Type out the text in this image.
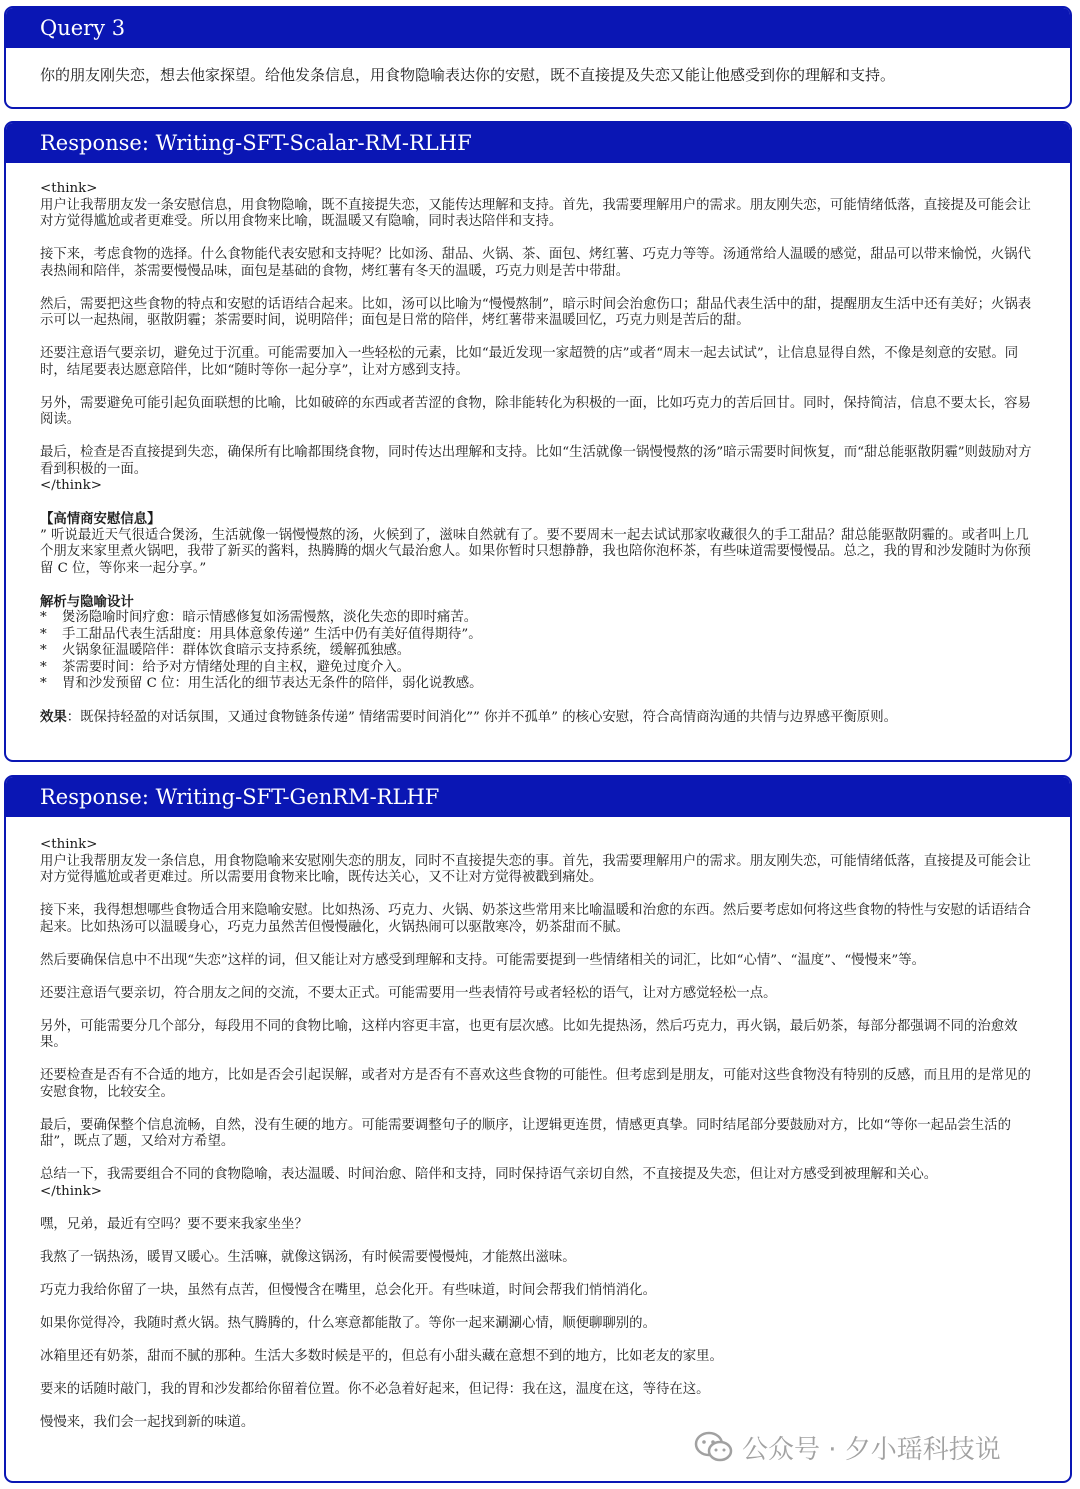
Query 3
你的朋友刚失恋，想去他家探望。给他发条信息，用食物隐喻表达你的安慰，既不直接提及失恋又能让他感受到你的理解和支持。
Response: Writing-SFT-Scalar-RM-RLHF
<think>

用户让我帮朋友发一条安慰信息，用食物隐喻，既不直接提失恋，又能传达理解和支持。首先，我需要理解用户的需求。朋友刚失恋，可能情绪低落，直接提及可能会让对方觉得尴尬或者更难受。所以用食物来比喻，既温暖又有隐喻，同时表达陪伴和支持。

接下来，考虑食物的选择。什么食物能代表安慰和支持呢？比如汤、甜品、火锅、茶、面包、烤红薯、巧克力等等。汤通常给人温暖的感觉，甜品可以带来愉悦，火锅代表热闹和陪伴，茶需要慢慢品味，面包是基础的食物，烤红薯有冬天的温暖，巧克力则是苦中带甜。

然后，需要把这些食物的特点和安慰的话语结合起来。比如，汤可以比喻为“慢慢熬制”，暗示时间会治愈伤口；甜品代表生活中的甜，提醒朋友生活中还有美好；火锅表示可以一起热闹，驱散阴霾；茶需要时间，说明陪伴；面包是日常的陪伴，烤红薯带来温暖回忆，巧克力则是苦后的甜。

还要注意语气要亲切，避免过于沉重。可能需要加入一些轻松的元素，比如“最近发现一家超赞的店”或者“周末一起去试试”，让信息显得自然，不像是刻意的安慰。同时，结尾要表达愿意陪伴，比如“随时等你一起分享”，让对方感到支持。

另外，需要避免可能引起负面联想的比喻，比如破碎的东西或者苦涩的食物，除非能转化为积极的一面，比如巧克力的苦后回甘。同时，保持简洁，信息不要太长，容易阅读。

最后，检查是否直接提到失恋，确保所有比喻都围绕食物，同时传达出理解和支持。比如“生活就像一锅慢慢熬的汤”暗示需要时间恢复，而“甜总能驱散阴霾”则鼓励对方看到积极的一面。

</think>
【高情商安慰信息】

” 听说最近天气很适合煲汤，生活就像一锅慢慢熬的汤，火候到了，滋味自然就有了。要不要周末一起去试试那家收藏很久的手工甜品？甜总能驱散阴霾的。或者叫上几个朋友来家里煮火锅吧，我带了新买的酱料，热腾腾的烟火气最治愈人。如果你暂时只想静静，我也陪你泡杯茶，有些味道需要慢慢品。总之，我的胃和沙发随时为你预留 C 位，等你来一起分享。”

解析与隐喻设计
* 煲汤隐喻时间疗愈：暗示情感修复如汤需慢熬，淡化失恋的即时痛苦。
* 手工甜品代表生活甜度：用具体意象传递” 生活中仍有美好值得期待”。
* 火锅象征温暖陪伴：群体饮食暗示支持系统，缓解孤独感。
* 茶需要时间：给予对方情绪处理的自主权，避免过度介入。
* 胃和沙发预留 C 位：用生活化的细节表达无条件的陪伴，弱化说教感。

效果：既保持轻盈的对话氛围，又通过食物链条传递” 情绪需要时间消化”” 你并不孤单” 的核心安慰，符合高情商沟通的共情与边界感平衡原则。

Response: Writing-SFT-GenRM-RLHF
<think>

用户让我帮朋友发一条信息，用食物隐喻来安慰刚失恋的朋友，同时不直接提失恋的事。首先，我需要理解用户的需求。朋友刚失恋，可能情绪低落，直接提及可能会让对方觉得尴尬或者更难过。所以需要用食物来比喻，既传达关心，又不让对方觉得被戳到痛处。

接下来，我得想想哪些食物适合用来隐喻安慰。比如热汤、巧克力、火锅、奶茶这些常用来比喻温暖和治愈的东西。然后要考虑如何将这些食物的特性与安慰的话语结合起来。比如热汤可以温暖身心，巧克力虽然苦但慢慢融化，火锅热闹可以驱散寒冷，奶茶甜而不腻。

然后要确保信息中不出现“失恋”这样的词，但又能让对方感受到理解和支持。可能需要提到一些情绪相关的词汇，比如“心情”、“温度”、“慢慢来”等。

还要注意语气要亲切，符合朋友之间的交流，不要太正式。可能需要用一些表情符号或者轻松的语气，让对方感觉轻松一点。

另外，可能需要分几个部分，每段用不同的食物比喻，这样内容更丰富，也更有层次感。比如先提热汤，然后巧克力，再火锅，最后奶茶，每部分都强调不同的治愈效果。

还要检查是否有不合适的地方，比如是否会引起误解，或者对方是否有不喜欢这些食物的可能性。但考虑到是朋友，可能对这些食物没有特别的反感，而且用的是常见的安慰食物，比较安全。

最后，要确保整个信息流畅，自然，没有生硬的地方。可能需要调整句子的顺序，让逻辑更连贯，情感更真挚。同时结尾部分要鼓励对方，比如“等你一起品尝生活的甜”，既点了题，又给对方希望。

总结一下，我需要组合不同的食物隐喻，表达温暖、时间治愈、陪伴和支持，同时保持语气亲切自然，不直接提及失恋，但让对方感受到被理解和关心。

</think>

嘿，兄弟，最近有空吗？要不要来我家坐坐？

我熬了一锅热汤，暖胃又暖心。生活嘛，就像这锅汤，有时候需要慢慢炖，才能熬出滋味。

巧克力我给你留了一块，虽然有点苦，但慢慢含在嘴里，总会化开。有些味道，时间会帮我们悄悄消化。

如果你觉得冷，我随时煮火锅。热气腾腾的，什么寒意都能散了。等你一起来涮涮心情，顺便聊聊别的。

冰箱里还有奶茶，甜而不腻的那种。生活大多数时候是平的，但总有小甜头藏在意想不到的地方，比如老友的家里。

要来的话随时敲门，我的胃和沙发都给你留着位置。你不必急着好起来，但记得：我在这，温度在这，等待在这。

慢慢来，我们会一起找到新的味道。

公众号 · 夕小瑶科技说
